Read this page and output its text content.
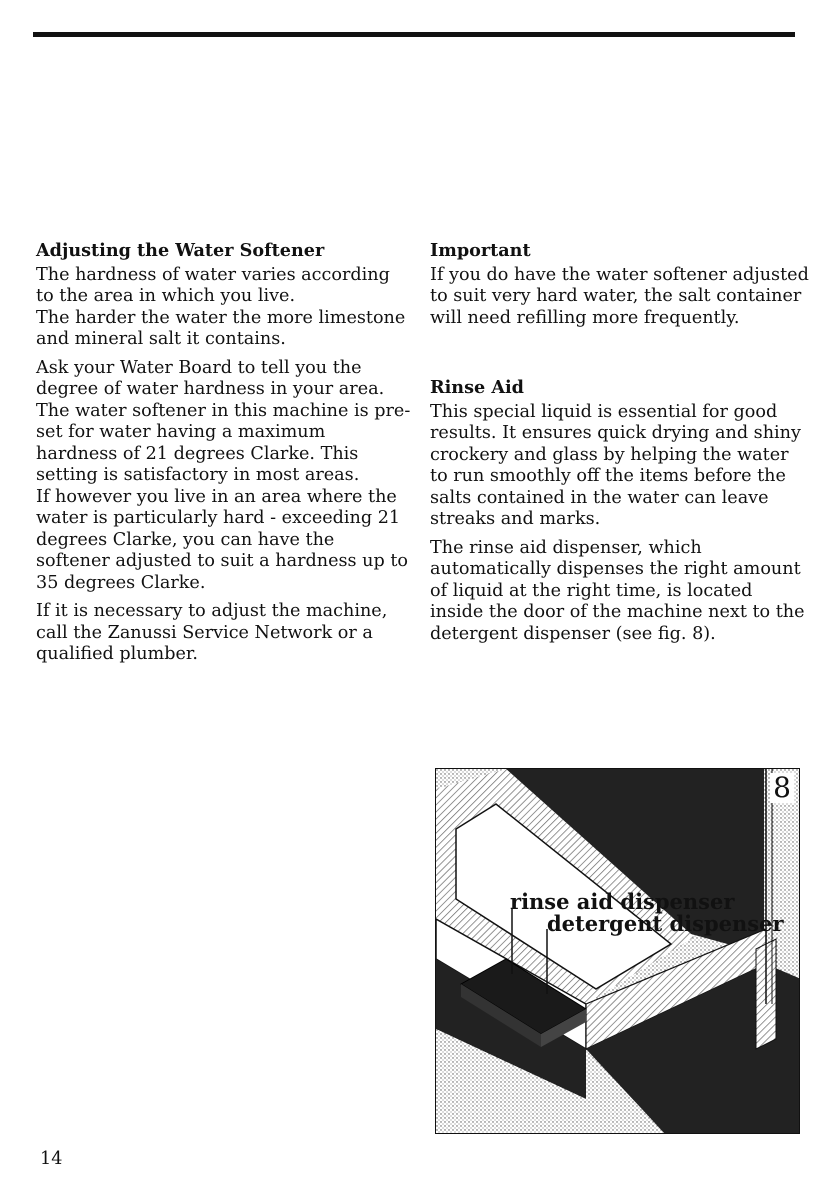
Adjusting the Water Softener

The hardness of water varies according to the area in which you live.
The harder the water the more limestone and mineral salt it contains.

Ask your Water Board to tell you the degree of water hardness in your area.
The water softener in this machine is pre-set for water having a maximum hardness of 21 degrees Clarke. This setting is satisfactory in most areas.
If however you live in an area where the water is particularly hard - exceeding 21 degrees Clarke, you can have the softener adjusted to suit a hardness up to 35 degrees Clarke.

If it is necessary to adjust the machine, call the Zanussi Service Network or a qualified plumber.

Important

If you do have the water softener adjusted to suit very hard water, the salt container will need refilling more frequently.

Rinse Aid

This special liquid is essential for good results. It ensures quick drying and shiny crockery and glass by helping the water to run smoothly off the items before the salts contained in the water can leave streaks and marks.

The rinse aid dispenser, which automatically dispenses the right amount of liquid at the right time, is located inside the door of the machine next to the detergent dispenser (see fig. 8).

8
rinse aid dispenser
detergent dispenser
14
